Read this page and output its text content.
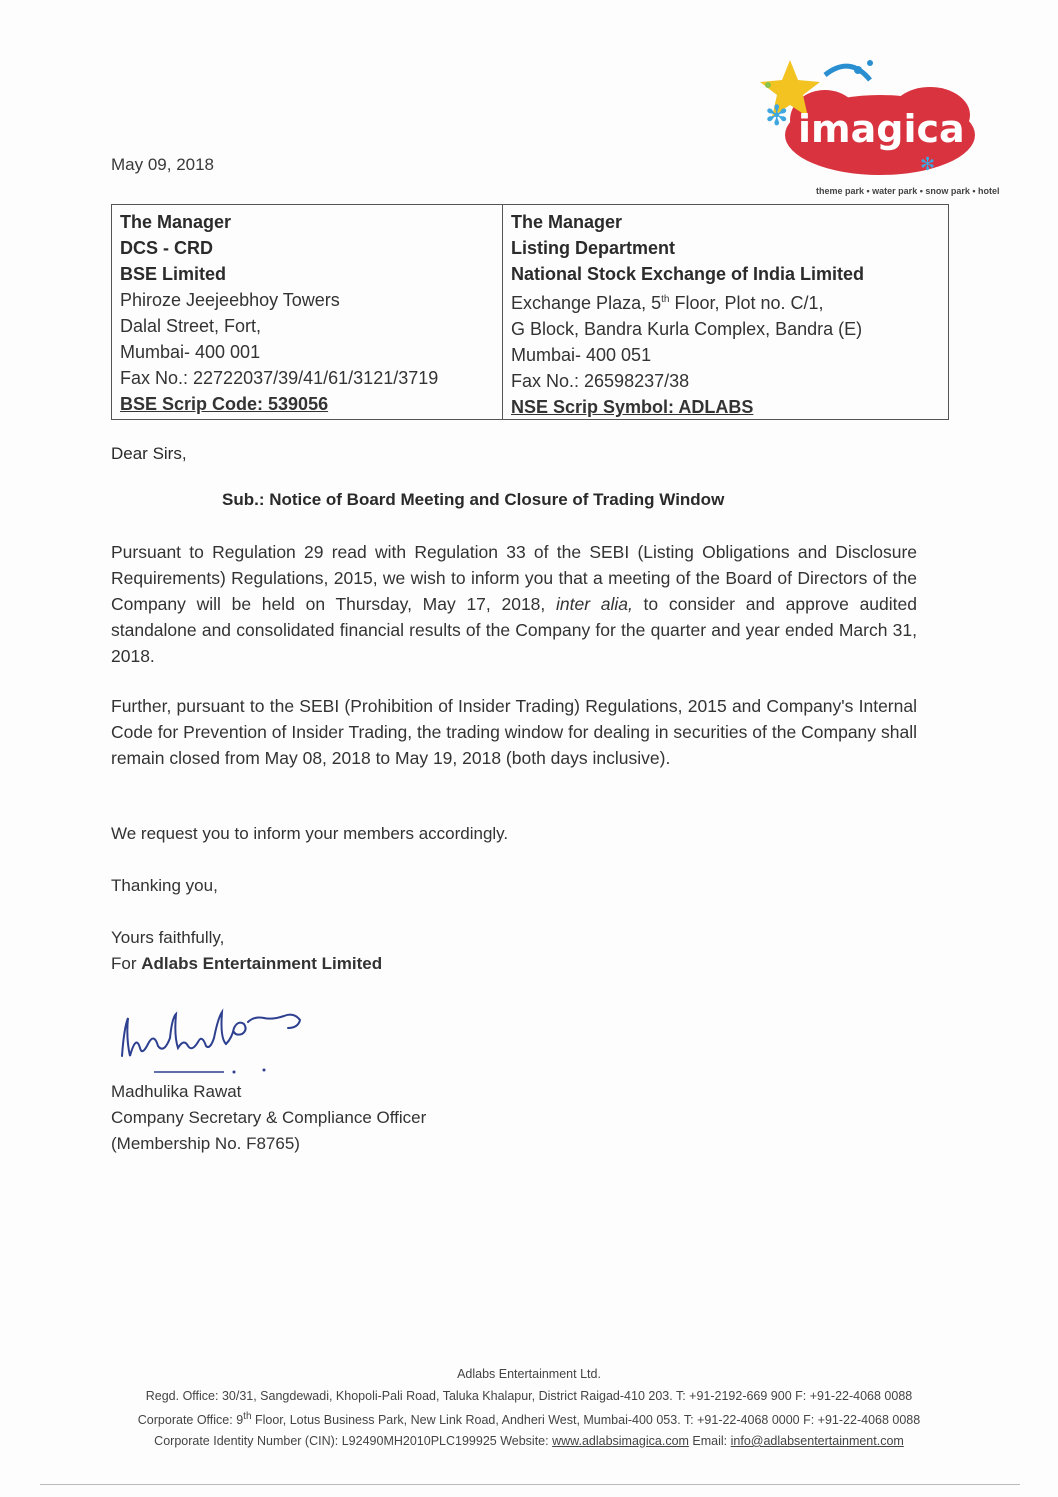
May 09, 2018
✻
✻
imagica
theme park • water park • snow park • hotel
The Manager
DCS - CRD
BSE Limited
Phiroze Jeejeebhoy Towers
Dalal Street, Fort,
Mumbai- 400 001
Fax No.: 22722037/39/41/61/3121/3719
BSE Scrip Code: 539056
The Manager
Listing Department
National Stock Exchange of India Limited
Exchange Plaza, 5th Floor, Plot no. C/1,
G Block, Bandra Kurla Complex, Bandra (E)
Mumbai- 400 051
Fax No.: 26598237/38
NSE Scrip Symbol: ADLABS
Dear Sirs,
Sub.: Notice of Board Meeting and Closure of Trading Window
Pursuant to Regulation 29 read with Regulation 33 of the SEBI (Listing Obligations and Disclosure Requirements) Regulations, 2015, we wish to inform you that a meeting of the Board of Directors of the Company will be held on Thursday, May 17, 2018, inter alia, to consider and approve audited standalone and consolidated financial results of the Company for the quarter and year ended March 31, 2018.
Further, pursuant to the SEBI (Prohibition of Insider Trading) Regulations, 2015 and Company's Internal Code for Prevention of Insider Trading, the trading window for dealing in securities of the Company shall remain closed from May 08, 2018 to May 19, 2018 (both days inclusive).
We request you to inform your members accordingly.
Thanking you,
Yours faithfully,
For Adlabs Entertainment Limited
Madhulika Rawat
Company Secretary & Compliance Officer
(Membership No. F8765)
Adlabs Entertainment Ltd.
Regd. Office: 30/31, Sangdewadi, Khopoli-Pali Road, Taluka Khalapur, District Raigad-410 203. T: +91-2192-669 900 F: +91-22-4068 0088
Corporate Office: 9th Floor, Lotus Business Park, New Link Road, Andheri West, Mumbai-400 053. T: +91-22-4068 0000 F: +91-22-4068 0088
Corporate Identity Number (CIN): L92490MH2010PLC199925 Website: www.adlabsimagica.com Email: info@adlabsentertainment.com
